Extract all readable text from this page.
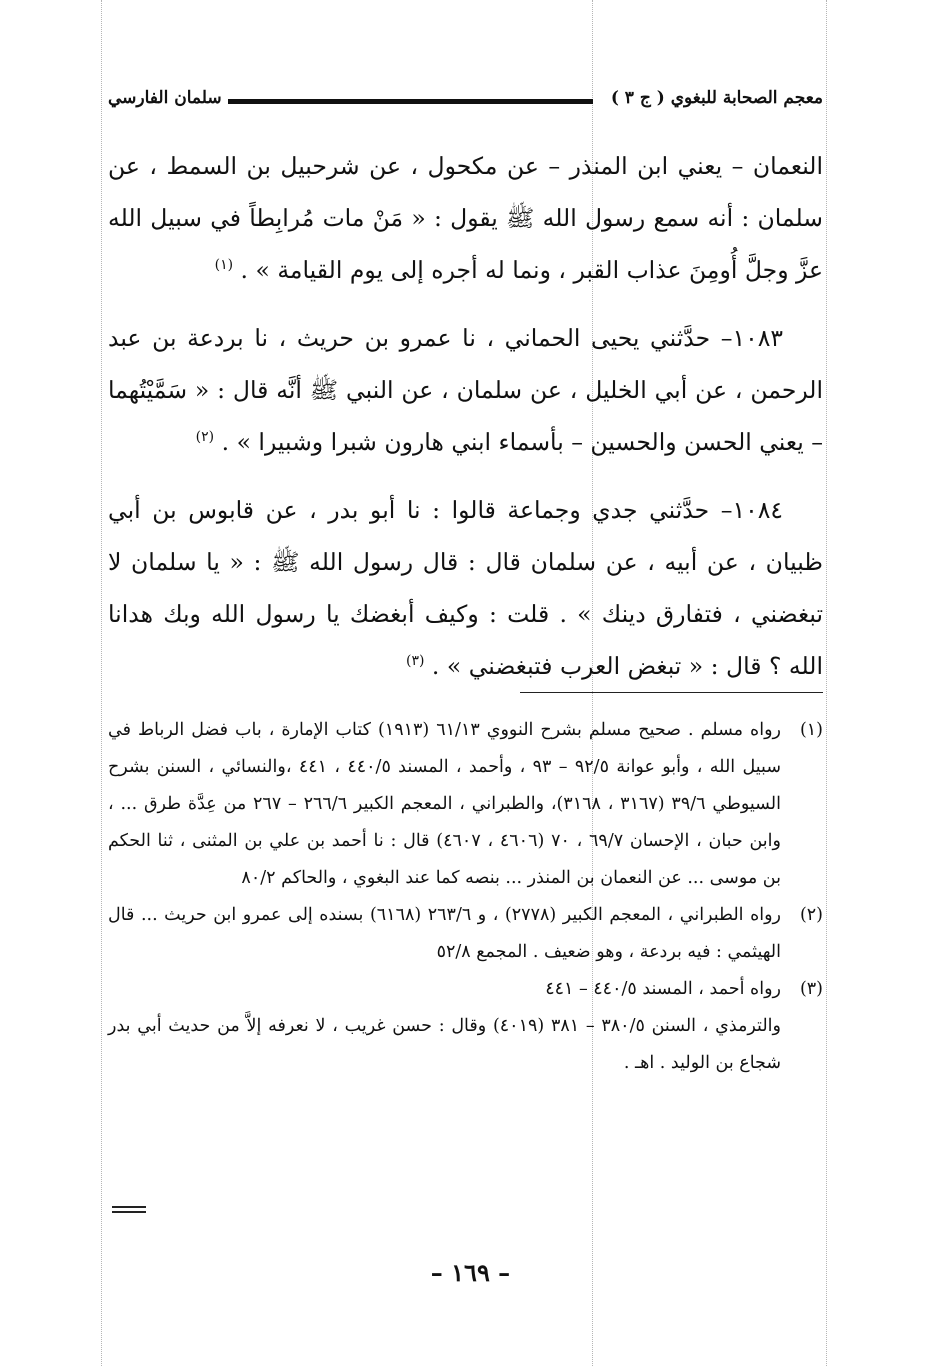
معجم الصحابة للبغوي ( ج ٣ )
سلمان الفارسي

النعمان – يعني ابن المنذر – عن مكحول ، عن شرحبيل بن السمط ، عن سلمان : أنه سمع رسول الله ﷺ يقول : « مَنْ مات مُرابِطاً في سبيل الله عزَّ وجلَّ أُومِنَ عذاب القبر ، ونما له أجره إلى يوم القيامة » . $^{(١)}$

١٠٨٣– حدَّثني يحيى الحماني ، نا عمرو بن حريث ، نا بردعة بن عبد الرحمن ، عن أبي الخليل ، عن سلمان ، عن النبي ﷺ أنَّه قال : « سَمَّيْتُهما – يعني الحسن والحسين – بأسماء ابني هارون شبرا وشبيرا » . $^{(٢)}$

١٠٨٤– حدَّثني جدي وجماعة قالوا : نا أبو بدر ، عن قابوس بن أبي ظبيان ، عن أبيه ، عن سلمان قال : قال رسول الله ﷺ : « يا سلمان لا تبغضني ، فتفارق دينك » . قلت : وكيف أبغضك يا رسول الله وبك هدانا الله ؟ قال : « تبغض العرب فتبغضني » . $^{(٣)}$

(١)
رواه مسلم . صحيح مسلم بشرح النووي ٦١/١٣ (١٩١٣) كتاب الإمارة ، باب فضل الرباط في سبيل الله ، وأبو عوانة ٩٢/٥ – ٩٣ ، وأحمد ، المسند ٤٤٠/٥ ، ٤٤١ ،والنسائي ، السنن بشرح السيوطي ٣٩/٦ (٣١٦٧ ، ٣١٦٨)، والطبراني ، المعجم الكبير ٢٦٦/٦ – ٢٦٧ من عِدَّة طرق ... ، وابن حبان ، الإحسان ٦٩/٧ ، ٧٠ (٤٦٠٦ ، ٤٦٠٧) قال : نا أحمد بن علي بن المثنى ، ثنا الحكم بن موسى ... عن النعمان بن المنذر ... بنصه كما عند البغوي ، والحاكم ٨٠/٢
(٢)
رواه الطبراني ، المعجم الكبير (٢٧٧٨) ، و ٢٦٣/٦ (٦١٦٨) بسنده إلى عمرو ابن حريث ... قال الهيثمي : فيه بردعة ، وهو ضعيف . المجمع ٥٢/٨
(٣)
رواه أحمد ، المسند ٤٤٠/٥ – ٤٤١
والترمذي ، السنن ٣٨٠/٥ – ٣٨١ (٤٠١٩) وقال : حسن غريب ، لا نعرفه إلاَّ من حديث أبي بدر شجاع بن الوليد . اهـ .
– ١٦٩ –
